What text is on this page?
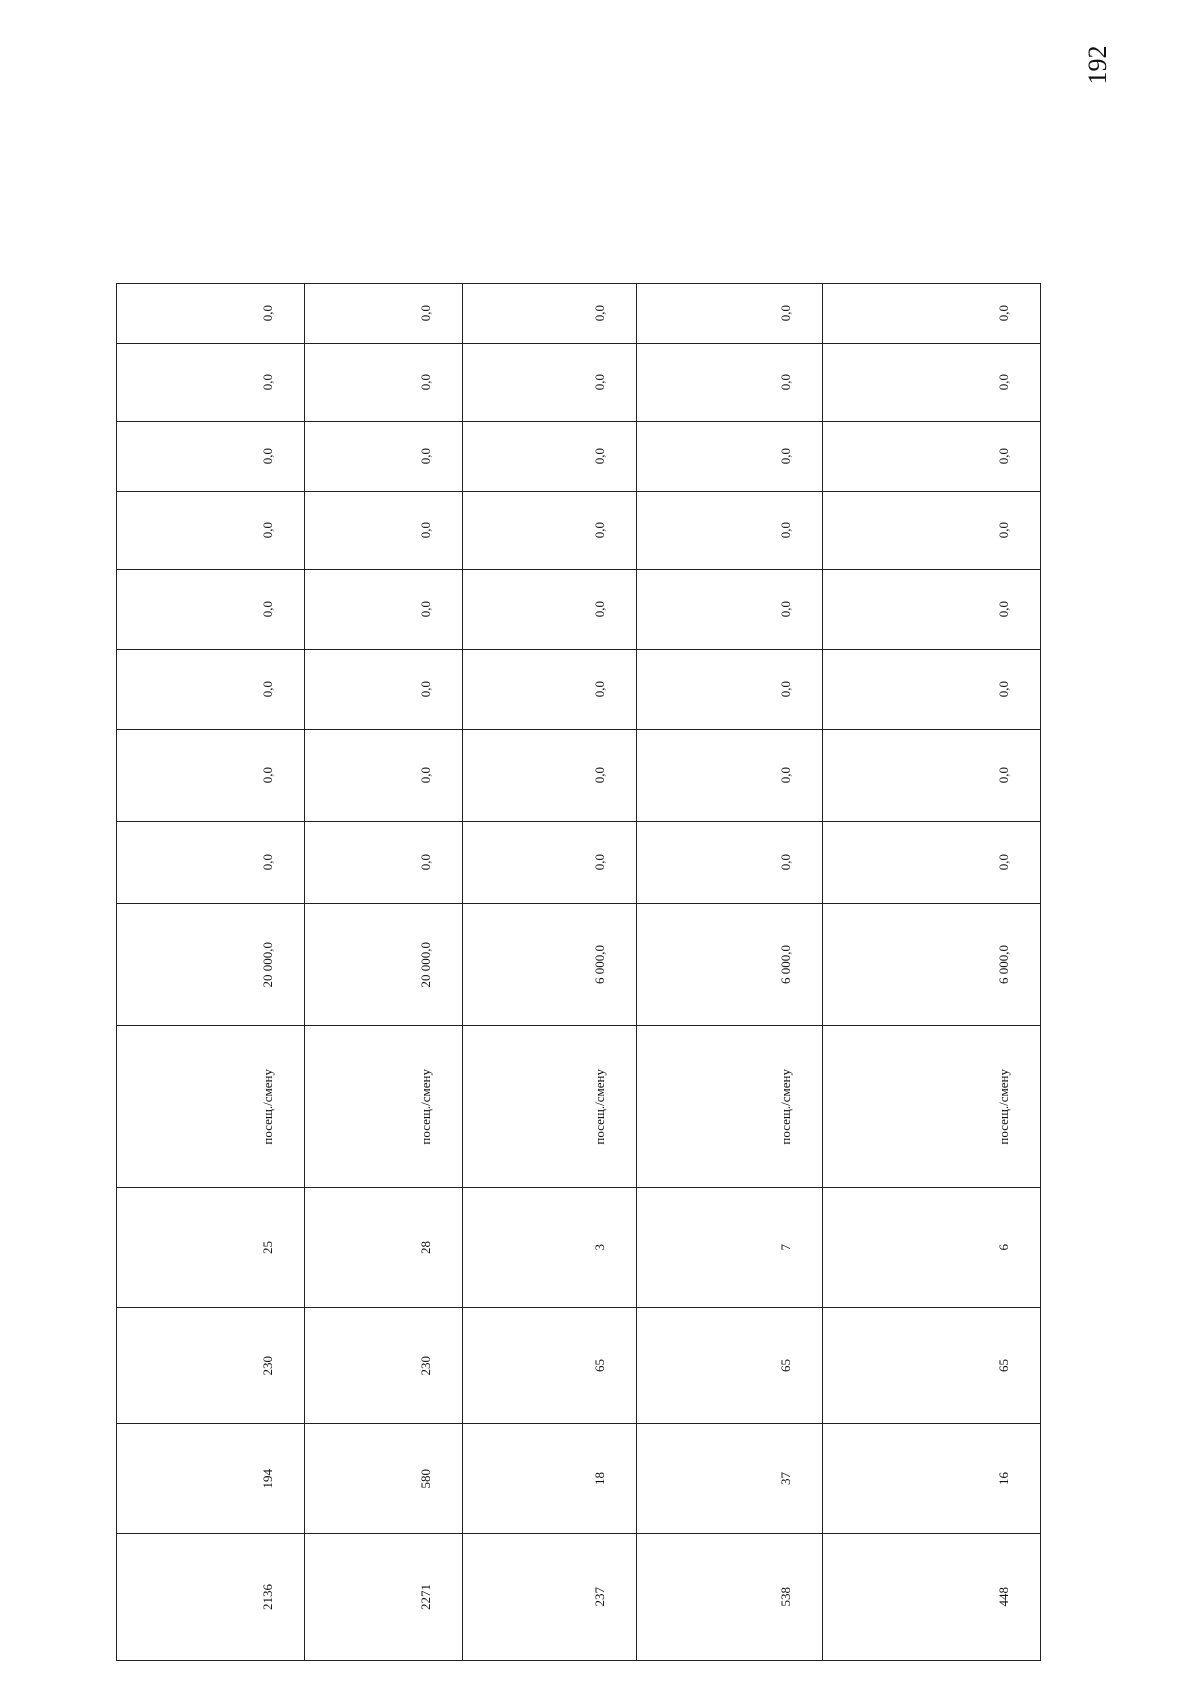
192
0,0	0,0	0,0	0,0	0,0

0,0	0,0	0,0	0,0	0,0

0,0	0,0	0,0	0,0	0,0

0,0	0,0	0,0	0,0	0,0

0,0	0,0	0,0	0,0	0,0

0,0	0,0	0,0	0,0	0,0

0,0	0,0	0,0	0,0	0,0

0,0	0,0	0,0	0,0	0,0

20 000,0	20 000,0	6 000,0	6 000,0	6 000,0

посещ./смену	посещ./смену	посещ./смену	посещ./смену	посещ./смену

25	28	3	7	6

230	230	65	65	65

194	580	18	37	16

2136	2271	237	538	448
